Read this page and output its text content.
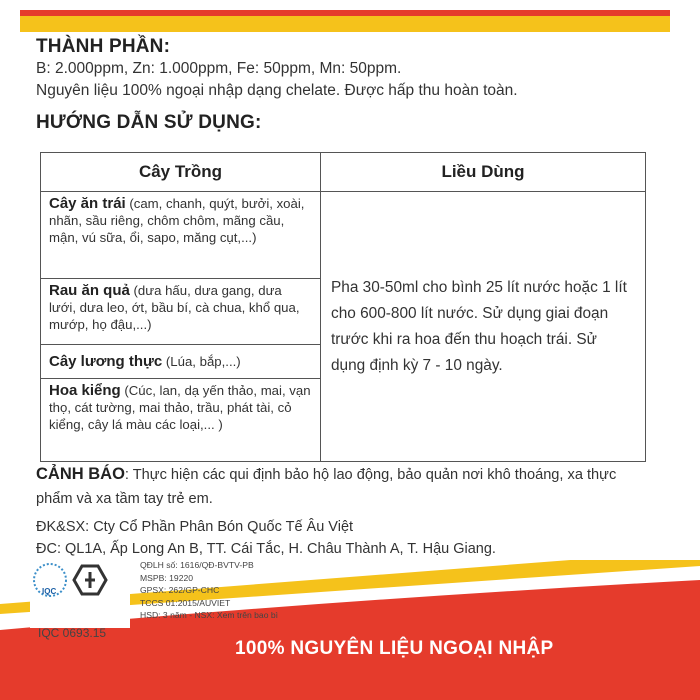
THÀNH PHẦN:
B: 2.000ppm, Zn: 1.000ppm, Fe: 50ppm, Mn: 50ppm.
Nguyên liệu 100% ngoại nhập dạng chelate. Được hấp thu hoàn toàn.
HƯỚNG DẪN SỬ DỤNG:
Cây Trồng	Liều Dùng
Cây ăn trái (cam, chanh, quýt, bưởi, xoài, nhãn, sầu riêng, chôm chôm, mãng cầu, mận, vú sữa, ổi, sapo, măng cụt,...)	Pha 30-50ml cho bình 25 lít nước hoặc 1 lít cho 600-800 lít nước. Sử dụng giai đoạn trước khi ra hoa đến thu hoạch trái. Sử dụng định kỳ 7 - 10 ngày.
Rau ăn quả (dưa hấu, dưa gang, dưa lưới, dưa leo, ớt, bầu bí, cà chua, khổ qua, mướp, họ đậu,...)	
Cây lương thực (Lúa, bắp,...)	
Hoa kiểng (Cúc, lan, dạ yến thảo, mai, vạn thọ, cát tường, mai thảo, trầu, phát tài, cỏ kiểng, cây lá màu các loại,... )	
CẢNH BÁO: Thực hiện các qui định bảo hộ lao động, bảo quản nơi khô thoáng, xa thực phẩm và xa tầm tay trẻ em.
ĐK&SX: Cty Cổ Phần Phân Bón Quốc Tế Âu Việt
ĐC: QL1A, Ấp Long An B, TT. Cái Tắc, H. Châu Thành A, T. Hậu Giang.
IQC
IQC 0693.15
QĐLH số: 1616/QĐ-BVTV-PB
MSPB: 19220
GPSX: 262/GP-CHC
TCCS 01:2015/AUVIET
HSD: 3 năm - NSX: Xem trên bao bì
100% NGUYÊN LIỆU NGOẠI NHẬP
